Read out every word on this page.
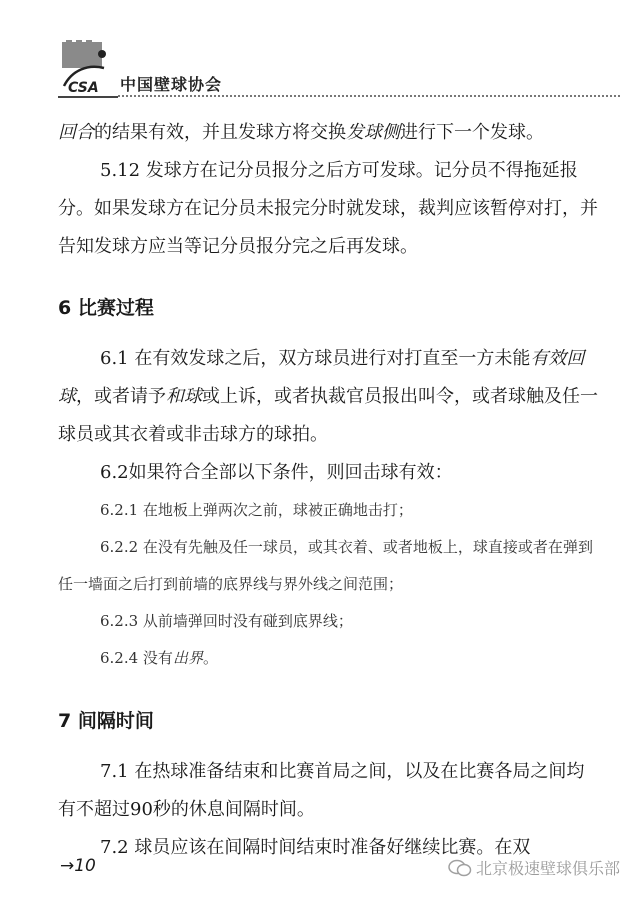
CSA 中国壁球协会

回合的结果有效，并且发球方将交换发球侧进行下一个发球。

5.12 发球方在记分员报分之后方可发球。记分员不得拖延报分。如果发球方在记分员未报完分时就发球，裁判应该暂停对打，并告知发球方应当等记分员报分完之后再发球。

6 比赛过程

6.1 在有效发球之后，双方球员进行对打直至一方未能有效回球，或者请予和球或上诉，或者执裁官员报出叫令，或者球触及任一球员或其衣着或非击球方的球拍。

6.2如果符合全部以下条件，则回击球有效：

6.2.1 在地板上弹两次之前，球被正确地击打；

6.2.2 在没有先触及任一球员，或其衣着、或者地板上，球直接或者在弹到任一墙面之后打到前墙的底界线与界外线之间范围；

6.2.3 从前墙弹回时没有碰到底界线；

6.2.4 没有出界。

7 间隔时间

7.1 在热球准备结束和比赛首局之间，以及在比赛各局之间均有不超过90秒的休息间隔时间。

7.2 球员应该在间隔时间结束时准备好继续比赛。在双

→10	北京极速壁球俱乐部
